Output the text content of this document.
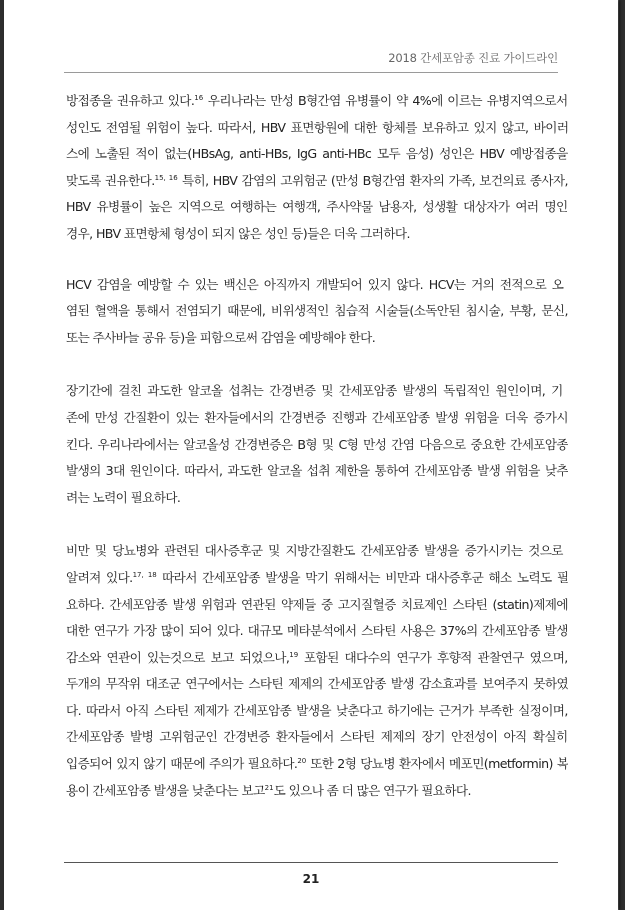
2018 간세포암종 진료 가이드라인
방접종을 권유하고 있다.$^{16}$ 우리나라는 만성 B형간염 유병률이 약 4%에 이르는 유병지역으로서
성인도 전염될 위험이 높다. 따라서, HBV 표면항원에 대한 항체를 보유하고 있지 않고, 바이러
스에 노출된 적이 없는(HBsAg, anti-HBs, IgG anti-HBc 모두 음성) 성인은 HBV 예방접종을
맞도록 권유한다.$^{15, 16}$ 특히, HBV 감염의 고위험군 (만성 B형간염 환자의 가족, 보건의료 종사자,
HBV 유병률이 높은 지역으로 여행하는 여행객, 주사약물 남용자, 성생활 대상자가 여러 명인
경우, HBV 표면항체 형성이 되지 않은 성인 등)들은 더욱 그러하다.
HCV 감염을 예방할 수 있는 백신은 아직까지 개발되어 있지 않다. HCV는 거의 전적으로 오
염된 혈액을 통해서 전염되기 때문에, 비위생적인 침습적 시술들(소독안된 침시술, 부황, 문신,
또는 주사바늘 공유 등)을 피함으로써 감염을 예방해야 한다.
장기간에 걸친 과도한 알코올 섭취는 간경변증 및 간세포암종 발생의 독립적인 원인이며, 기
존에 만성 간질환이 있는 환자들에서의 간경변증 진행과 간세포암종 발생 위험을 더욱 증가시
킨다. 우리나라에서는 알코올성 간경변증은 B형 및 C형 만성 간염 다음으로 중요한 간세포암종
발생의 3대 원인이다. 따라서, 과도한 알코올 섭취 제한을 통하여 간세포암종 발생 위험을 낮추
려는 노력이 필요하다.
비만 및 당뇨병와 관련된 대사증후군 및 지방간질환도 간세포암종 발생을 증가시키는 것으로
알려져 있다.$^{17, 18}$ 따라서 간세포암종 발생을 막기 위해서는 비만과 대사증후군 해소 노력도 필
요하다. 간세포암종 발생 위험과 연관된 약제들 중 고지질혈증 치료제인 스타틴 (statin)제제에
대한 연구가 가장 많이 되어 있다. 대규모 메타분석에서 스타틴 사용은 37%의 간세포암종 발생
감소와 연관이 있는것으로 보고 되었으나,$^{19}$ 포함된 대다수의 연구가 후향적 관찰연구 였으며,
두개의 무작위 대조군 연구에서는 스타틴 제제의 간세포암종 발생 감소효과를 보여주지 못하였
다. 따라서 아직 스타틴 제제가 간세포암종 발생을 낮춘다고 하기에는 근거가 부족한 실정이며,
간세포암종 발병 고위험군인 간경변증 환자들에서 스타틴 제제의 장기 안전성이 아직 확실히
입증되어 있지 않기 때문에 주의가 필요하다.$^{20}$ 또한 2형 당뇨병 환자에서 메포민(metformin) 복
용이 간세포암종 발생을 낮춘다는 보고$^{21}$도 있으나 좀 더 많은 연구가 필요하다.
21
